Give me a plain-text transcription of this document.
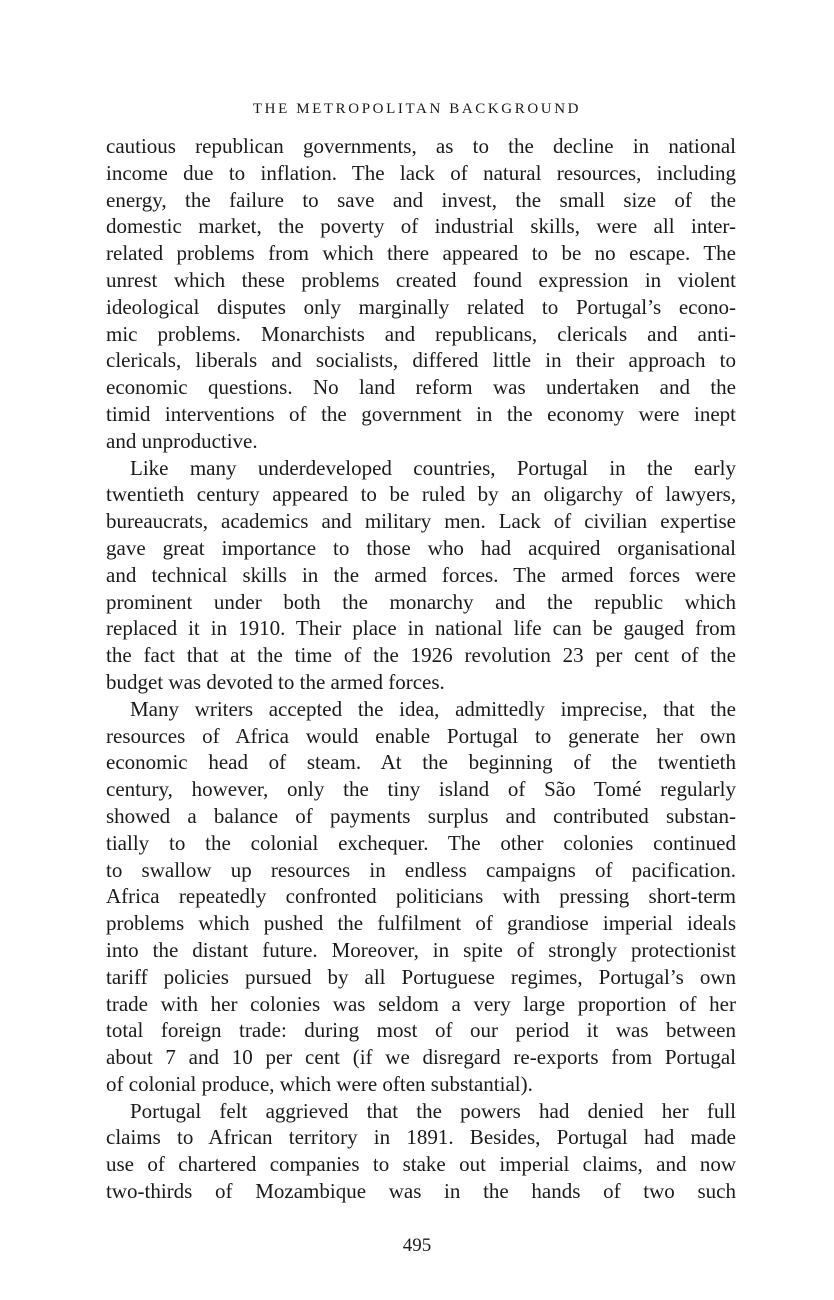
THE METROPOLITAN BACKGROUND
cautious republican governments, as to the decline in national
income due to inflation. The lack of natural resources, including
energy, the failure to save and invest, the small size of the
domestic market, the poverty of industrial skills, were all inter-
related problems from which there appeared to be no escape. The
unrest which these problems created found expression in violent
ideological disputes only marginally related to Portugal’s econo-
mic problems. Monarchists and republicans, clericals and anti-
clericals, liberals and socialists, differed little in their approach to
economic questions. No land reform was undertaken and the
timid interventions of the government in the economy were inept
and unproductive.
Like many underdeveloped countries, Portugal in the early
twentieth century appeared to be ruled by an oligarchy of lawyers,
bureaucrats, academics and military men. Lack of civilian expertise
gave great importance to those who had acquired organisational
and technical skills in the armed forces. The armed forces were
prominent under both the monarchy and the republic which
replaced it in 1910. Their place in national life can be gauged from
the fact that at the time of the 1926 revolution 23 per cent of the
budget was devoted to the armed forces.
Many writers accepted the idea, admittedly imprecise, that the
resources of Africa would enable Portugal to generate her own
economic head of steam. At the beginning of the twentieth
century, however, only the tiny island of São Tomé regularly
showed a balance of payments surplus and contributed substan-
tially to the colonial exchequer. The other colonies continued
to swallow up resources in endless campaigns of pacification.
Africa repeatedly confronted politicians with pressing short-term
problems which pushed the fulfilment of grandiose imperial ideals
into the distant future. Moreover, in spite of strongly protectionist
tariff policies pursued by all Portuguese regimes, Portugal’s own
trade with her colonies was seldom a very large proportion of her
total foreign trade: during most of our period it was between
about 7 and 10 per cent (if we disregard re-exports from Portugal
of colonial produce, which were often substantial).
Portugal felt aggrieved that the powers had denied her full
claims to African territory in 1891. Besides, Portugal had made
use of chartered companies to stake out imperial claims, and now
two-thirds of Mozambique was in the hands of two such
495
